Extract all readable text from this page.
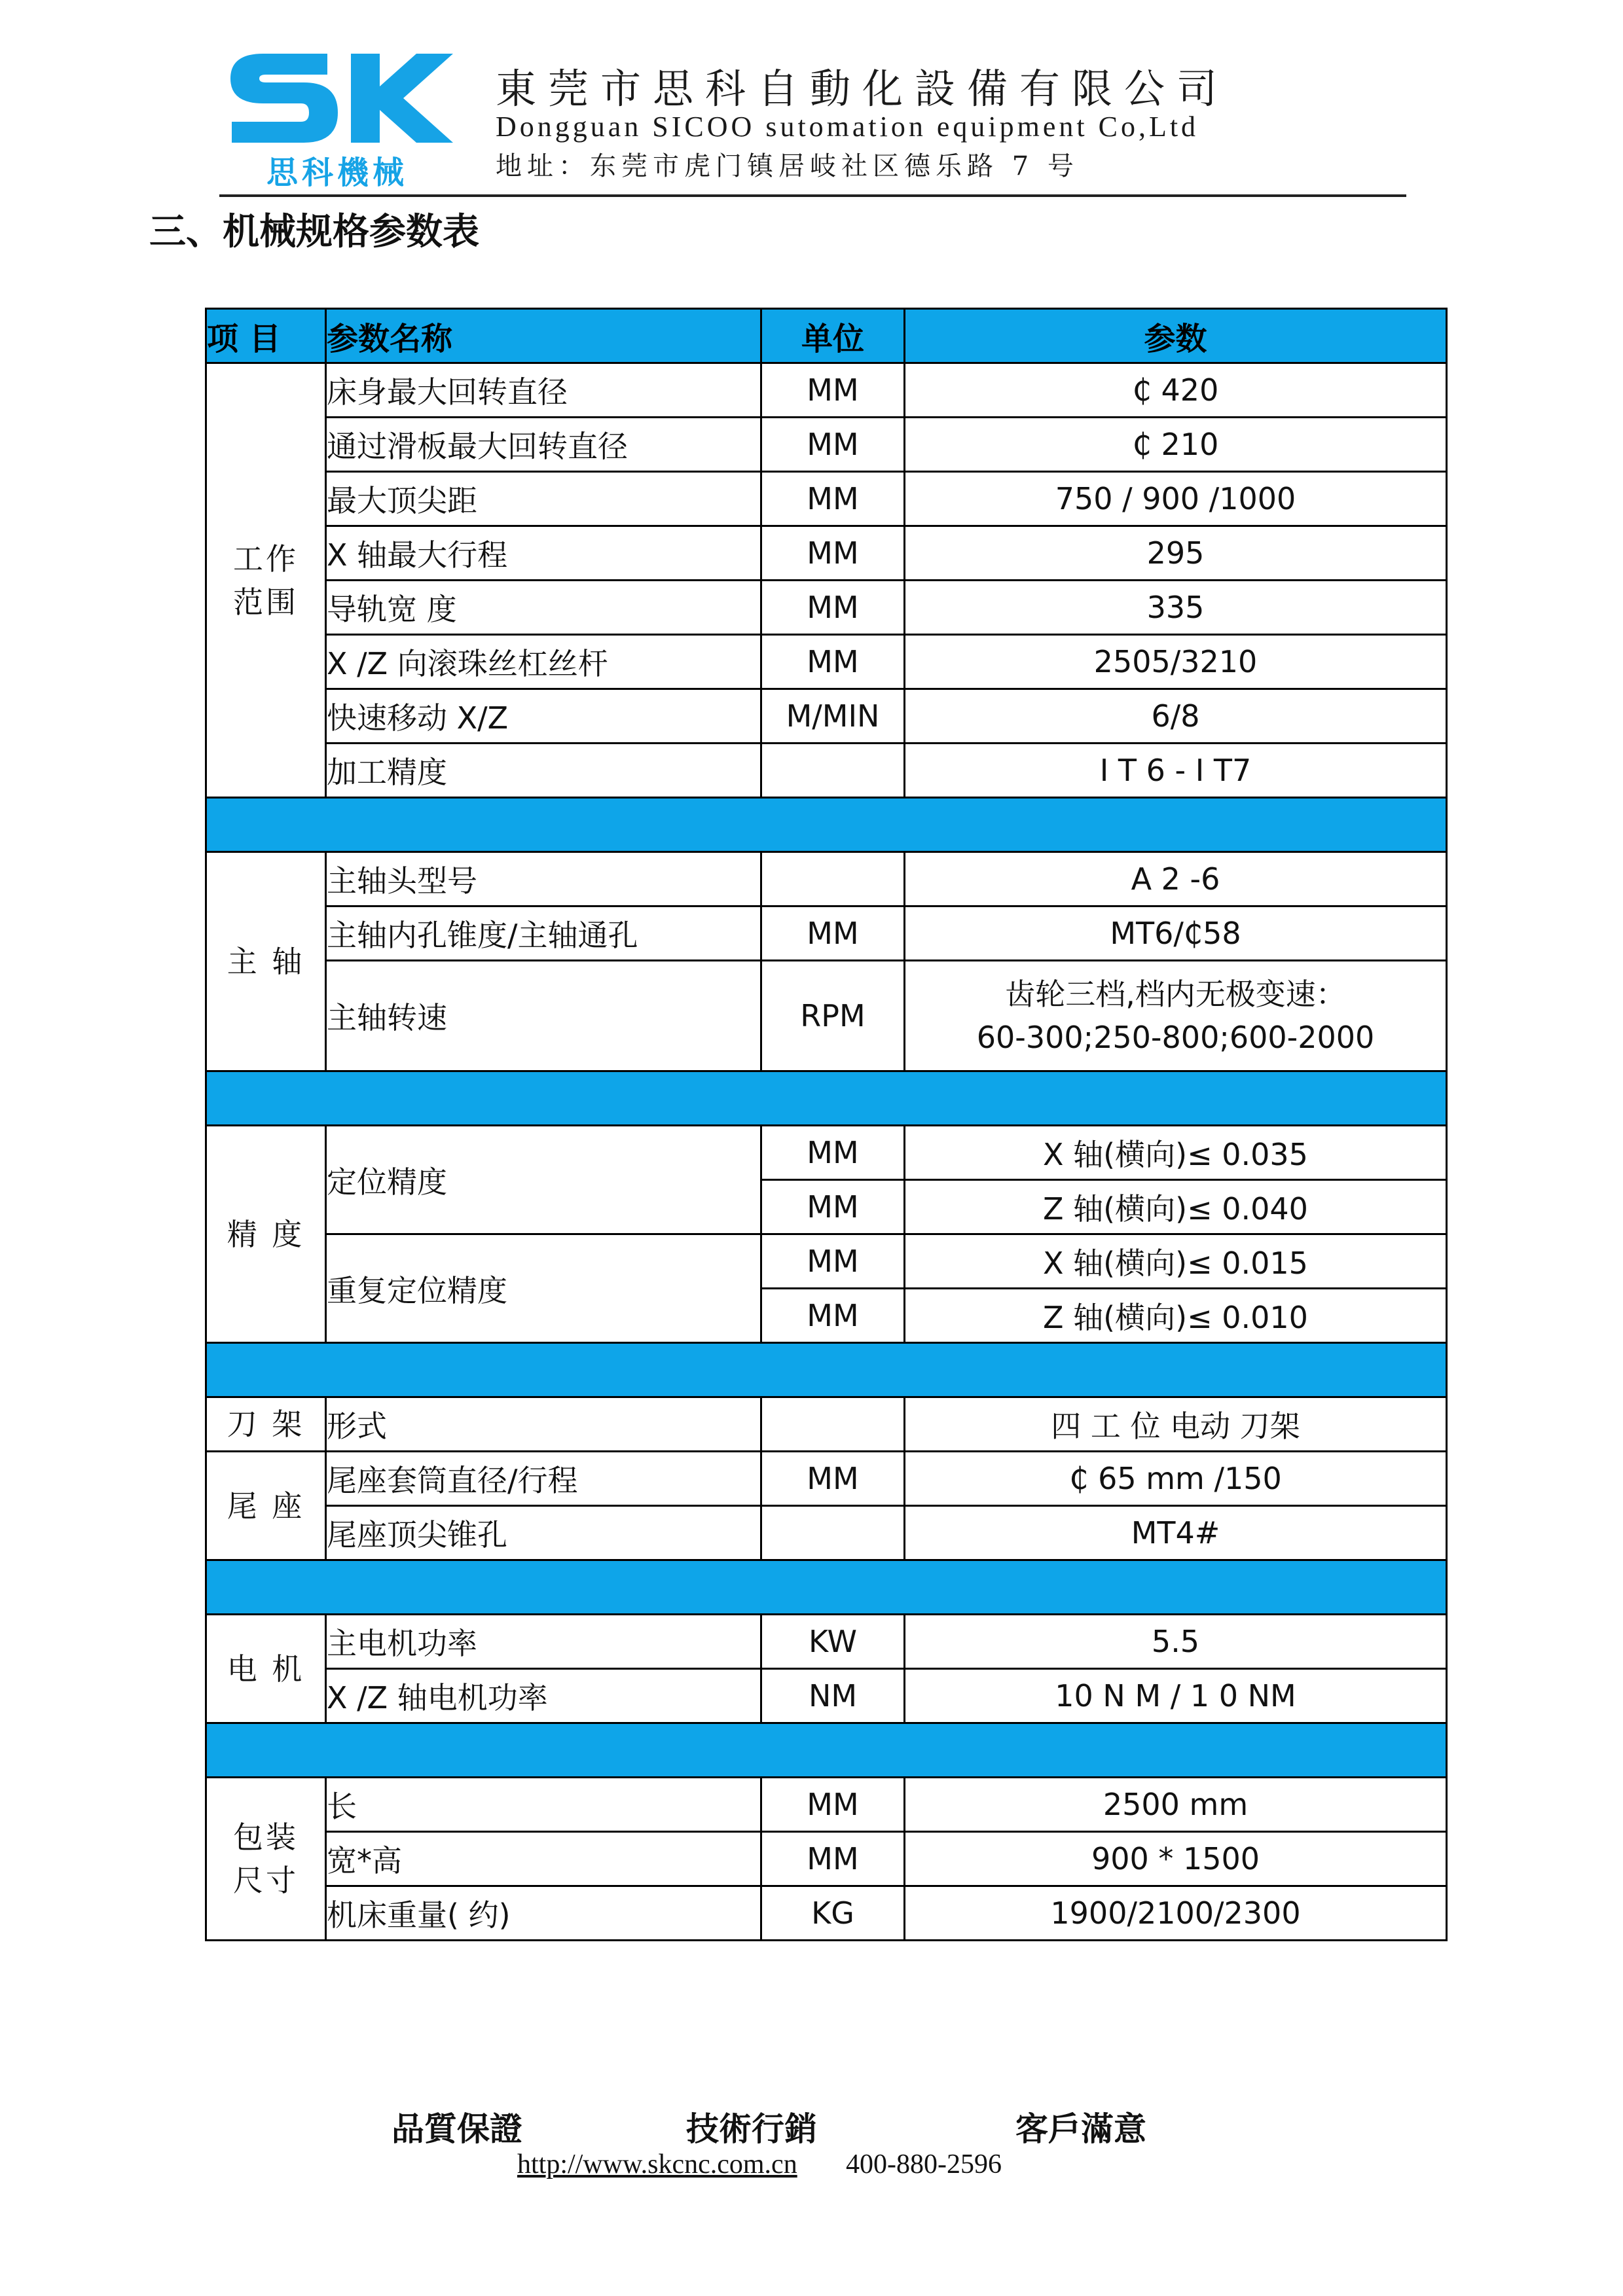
思科機械
東莞市思科自動化設備有限公司
Dongguan SICOO sutomation equipment Co,Ltd
地址：东莞市虎门镇居岐社区德乐路 7 号
三、机械规格参数表
项 目	参数名称	单位	参数

工作
范围	床身最大回转直径	MM	₵ 420
	通过滑板最大回转直径	MM	₵ 210
	最大顶尖距	MM	750 / 900 /1000
	X 轴最大行程	MM	295
	导轨宽 度	MM	335
	X /Z 向滚珠丝杠丝杆	MM	2505/3210
	快速移动 X/Z	M/MIN	6/8
	加工精度		I T 6 - I T7

主 轴	主轴头型号		A 2 -6
	主轴内孔锥度/主轴通孔	MM	MT6/₵58
	主轴转速	RPM	齿轮三档,档内无极变速：
60-300;250-800;600-2000

精 度	定位精度	MM	X 轴(横向)≤ 0.035
		MM	Z 轴(横向)≤ 0.040
	重复定位精度	MM	X 轴(横向)≤ 0.015
		MM	Z 轴(横向)≤ 0.010

刀 架	形式		四 工 位 电动 刀架
尾 座	尾座套筒直径/行程	MM	₵ 65 mm /150
	尾座顶尖锥孔		MT4#

电 机	主电机功率	KW	5.5
	X /Z 轴电机功率	NM	10 N M / 1 0 NM

包装
尺寸	长	MM	2500 mm
	宽*高	MM	900 * 1500
	机床重量( 约)	KG	1900/2100/2300
品質保證	技術行銷	客戶滿意
http://www.skcnc.com.cn 400-880-2596
